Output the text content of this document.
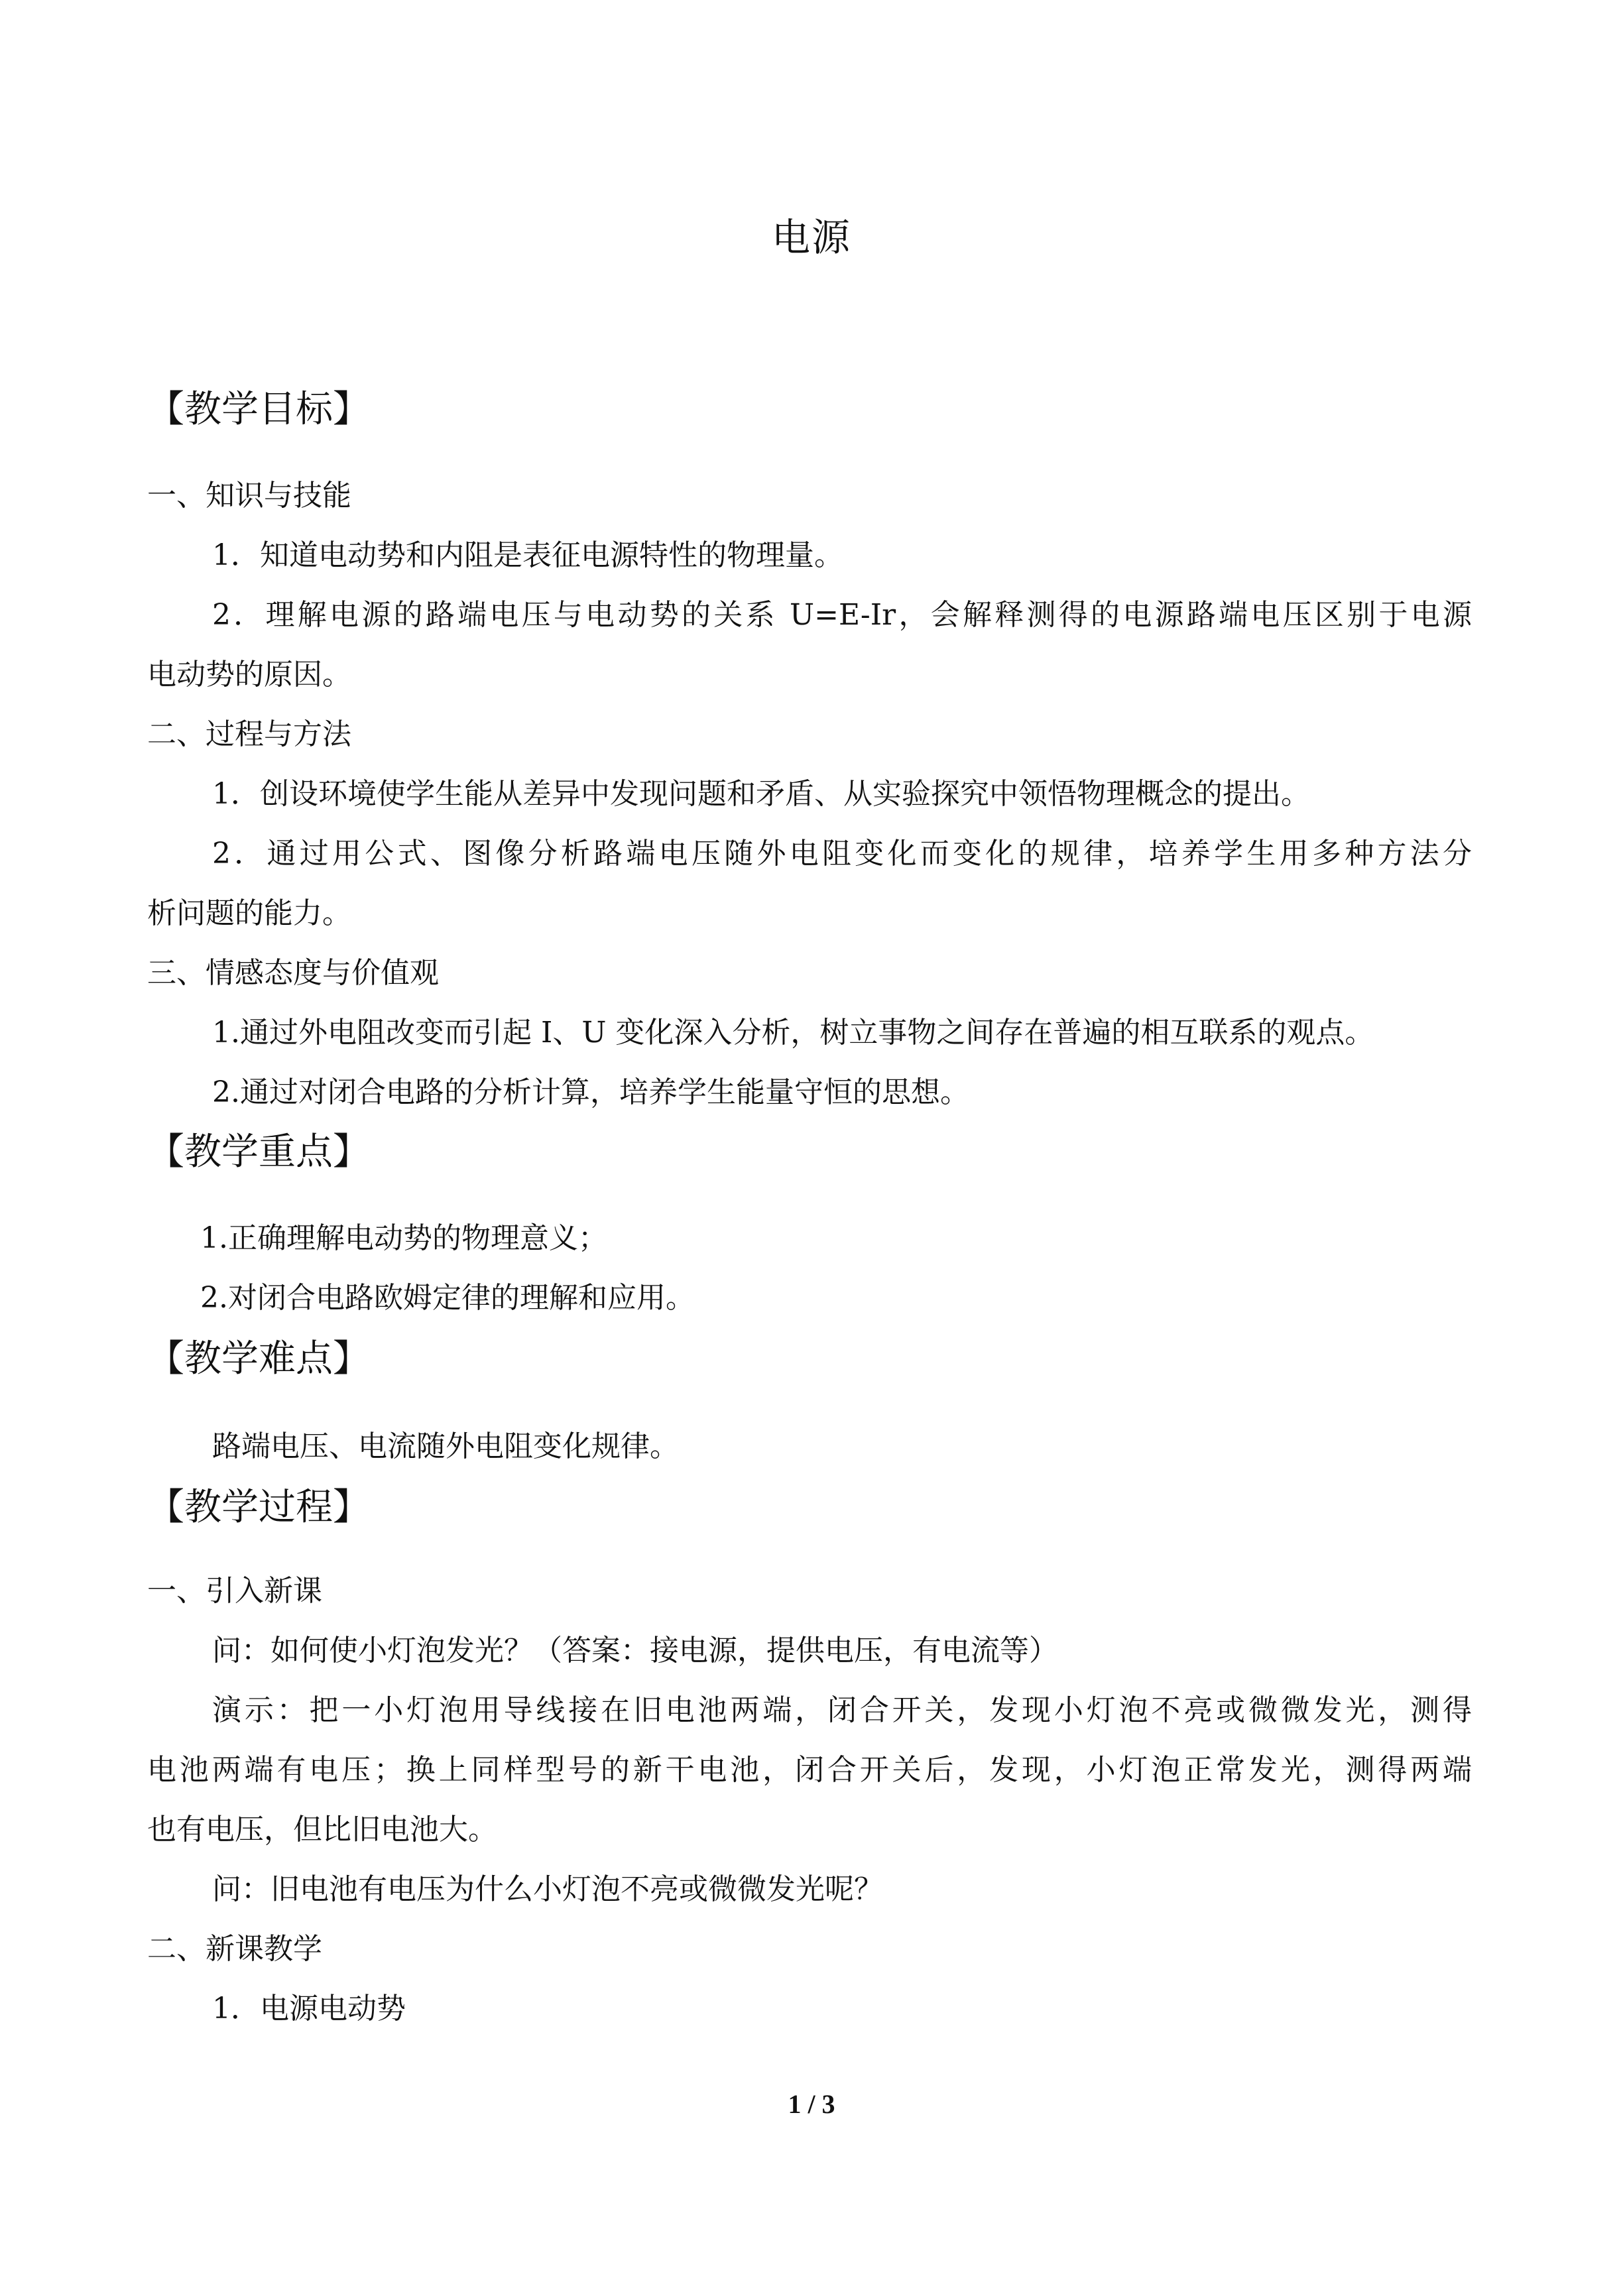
电源
【教学目标】
一、知识与技能
1．知道电动势和内阻是表征电源特性的物理量。
2．理解电源的路端电压与电动势的关系 U=E-Ir，会解释测得的电源路端电压区别于电源
电动势的原因。
二、过程与方法
1．创设环境使学生能从差异中发现问题和矛盾、从实验探究中领悟物理概念的提出。
2．通过用公式、图像分析路端电压随外电阻变化而变化的规律，培养学生用多种方法分
析问题的能力。
三、情感态度与价值观
1.通过外电阻改变而引起 I、U 变化深入分析，树立事物之间存在普遍的相互联系的观点。
2.通过对闭合电路的分析计算，培养学生能量守恒的思想。
【教学重点】
1.正确理解电动势的物理意义；
2.对闭合电路欧姆定律的理解和应用。
【教学难点】
路端电压、电流随外电阻变化规律。
【教学过程】
一、引入新课
问：如何使小灯泡发光？（答案：接电源，提供电压，有电流等）
演示：把一小灯泡用导线接在旧电池两端，闭合开关，发现小灯泡不亮或微微发光，测得
电池两端有电压；换上同样型号的新干电池，闭合开关后，发现，小灯泡正常发光，测得两端
也有电压，但比旧电池大。
问：旧电池有电压为什么小灯泡不亮或微微发光呢？
二、新课教学
1．电源电动势
1 / 3
